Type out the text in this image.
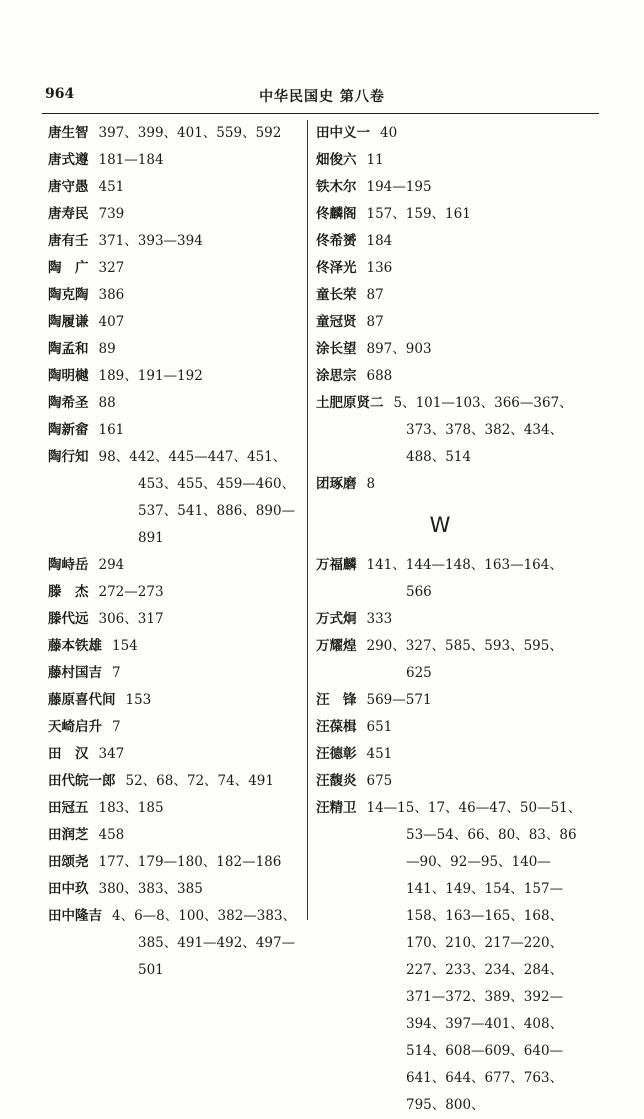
964	中华民国史 第八卷
唐生智 397、399、401、559、592
唐式遵 181—184
唐守愚 451
唐寿民 739
唐有壬 371、393—394
陶　广 327
陶克陶 386
陶履谦 407
陶孟和 89
陶明樾 189、191—192
陶希圣 88
陶新畲 161
陶行知 98、442、445—447、451、453、455、459—460、537、541、886、890—891
陶峙岳 294
滕　杰 272—273
滕代远 306、317
藤本铁雄 154
藤村国吉 7
藤原喜代间 153
天崎启升 7
田　汉 347
田代皖一郎 52、68、72、74、491
田冠五 183、185
田润芝 458
田颂尧 177、179—180、182—186
田中玖 380、383、385
田中隆吉 4、6—8、100、382—383、385、491—492、497—501
田中义一 40
畑俊六 11
铁木尔 194—195
佟麟阁 157、159、161
佟希赟 184
佟泽光 136
童长荣 87
童冠贤 87
涂长望 897、903
涂思宗 688
土肥原贤二 5、101—103、366—367、373、378、382、434、488、514
团琢磨 8
W
万福麟 141、144—148、163—164、566
万式炯 333
万耀煌 290、327、585、593、595、625
汪　锋 569—571
汪葆楫 651
汪德彰 451
汪馥炎 675
汪精卫 14—15、17、46—47、50—51、53—54、66、80、83、86—90、92—95、140—141、149、154、157—158、163—165、168、170、210、217—220、227、233、234、284、371—372、389、392—394、397—401、408、514、608—609、640—641、644、677、763、795、800、
